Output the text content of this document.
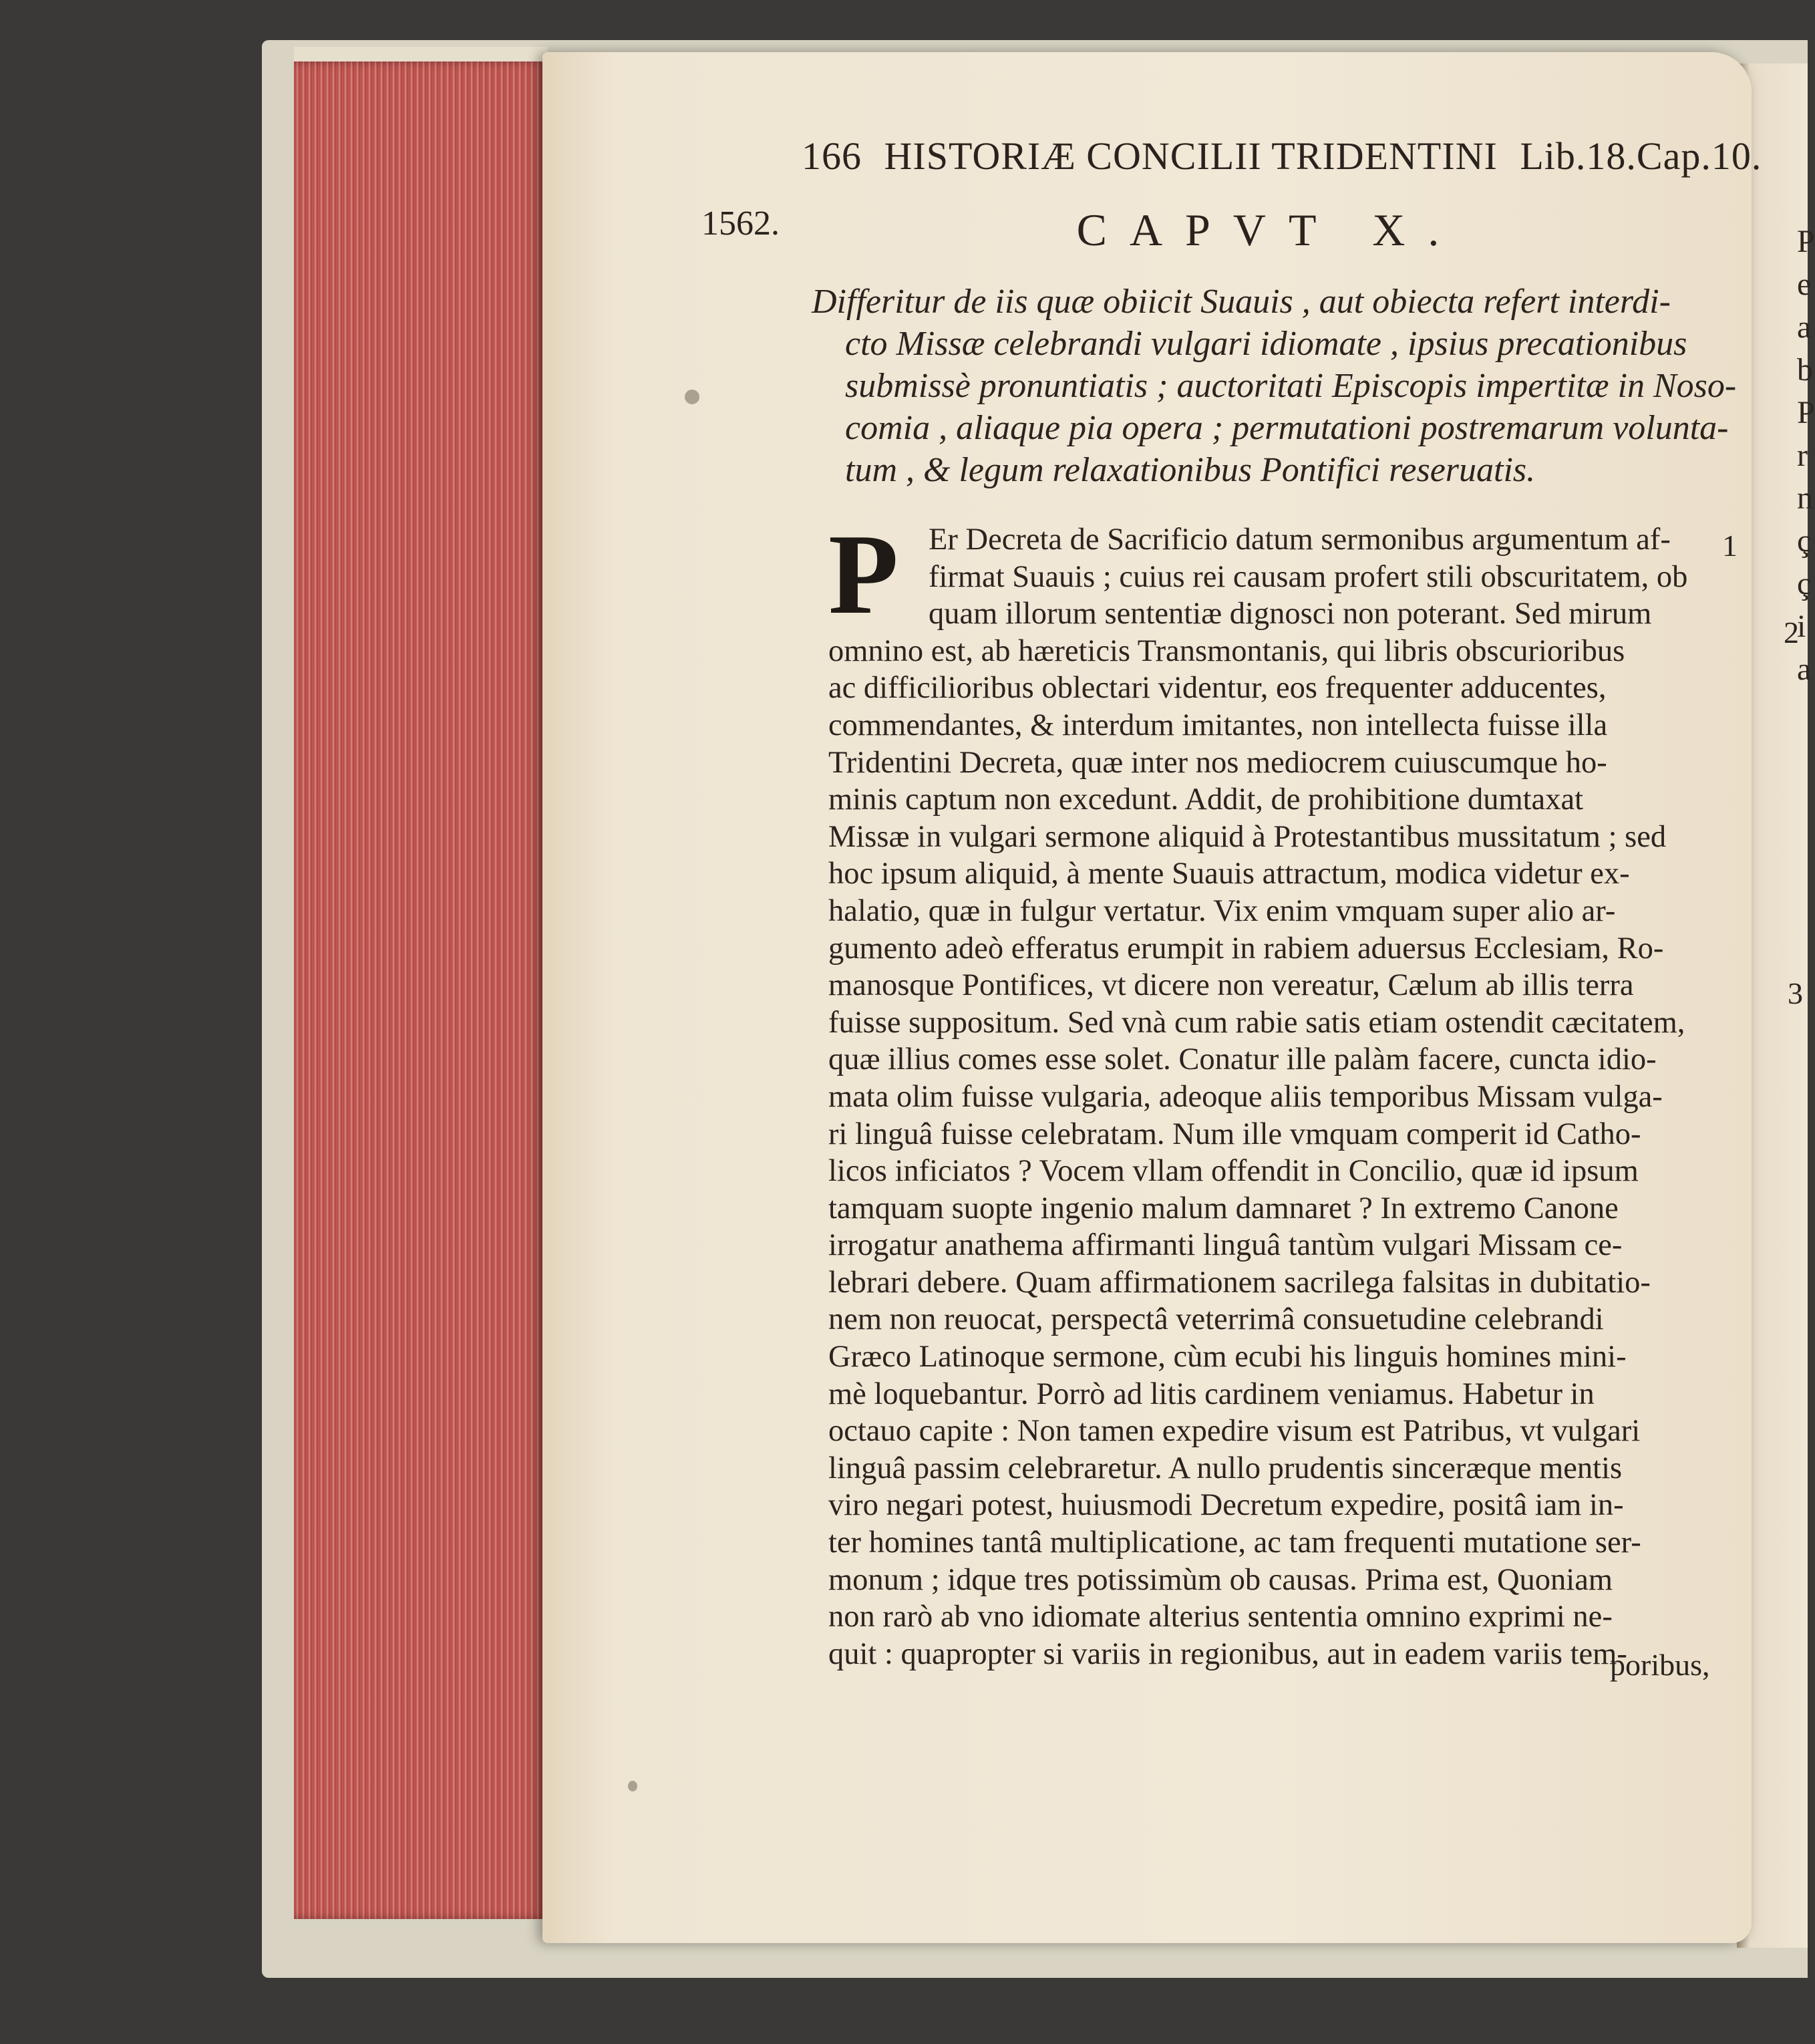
P
e
a
b
P
r
n
ç
ç
i
a
166 HISTORIÆ CONCILII TRIDENTINI Lib.18.Cap.10.
1562.	CAPVT X.
Differitur de iis quæ obiicit Suauis , aut obiecta refert interdi-
cto Missæ celebrandi vulgari idiomate , ipsius precationibus
submissè pronuntiatis ; auctoritati Episcopis impertitæ in Noso-
comia , aliaque pia opera ; permutationi postremarum volunta-
tum , & legum relaxationibus Pontifici reseruatis.
P Er Decreta de Sacrificio datum sermonibus argumentum af-
firmat Suauis ; cuius rei causam profert stili obscuritatem, ob
quam illorum sententiæ dignosci non poterant. Sed mirum
omnino est, ab hæreticis Transmontanis, qui libris obscurioribus
ac difficilioribus oblectari videntur, eos frequenter adducentes,
commendantes, & interdum imitantes, non intellecta fuisse illa
Tridentini Decreta, quæ inter nos mediocrem cuiuscumque ho-
minis captum non excedunt. Addit, de prohibitione dumtaxat
Missæ in vulgari sermone aliquid à Protestantibus mussitatum ; sed
hoc ipsum aliquid, à mente Suauis attractum, modica videtur ex-
halatio, quæ in fulgur vertatur. Vix enim vmquam super alio ar-
gumento adeò efferatus erumpit in rabiem aduersus Ecclesiam, Ro-
manosque Pontifices, vt dicere non vereatur, Cælum ab illis terra
fuisse suppositum. Sed vnà cum rabie satis etiam ostendit cæcitatem,
quæ illius comes esse solet. Conatur ille palàm facere, cuncta idio-
mata olim fuisse vulgaria, adeoque aliis temporibus Missam vulga-
ri linguâ fuisse celebratam. Num ille vmquam comperit id Catho-
licos inficiatos ? Vocem vllam offendit in Concilio, quæ id ipsum
tamquam suopte ingenio malum damnaret ? In extremo Canone
irrogatur anathema affirmanti linguâ tantùm vulgari Missam ce-
lebrari debere. Quam affirmationem sacrilega falsitas in dubitatio-
nem non reuocat, perspectâ veterrimâ consuetudine celebrandi
Græco Latinoque sermone, cùm ecubi his linguis homines mini-
mè loquebantur. Porrò ad litis cardinem veniamus. Habetur in
octauo capite : Non tamen expedire visum est Patribus, vt vulgari
linguâ passim celebraretur. A nullo prudentis sinceræque mentis
viro negari potest, huiusmodi Decretum expedire, positâ iam in-
ter homines tantâ multiplicatione, ac tam frequenti mutatione ser-
monum ; idque tres potissimùm ob causas. Prima est, Quoniam
non rarò ab vno idiomate alterius sententia omnino exprimi ne-
quit : quapropter si variis in regionibus, aut in eadem variis tem-
poribus,
1
2
3
